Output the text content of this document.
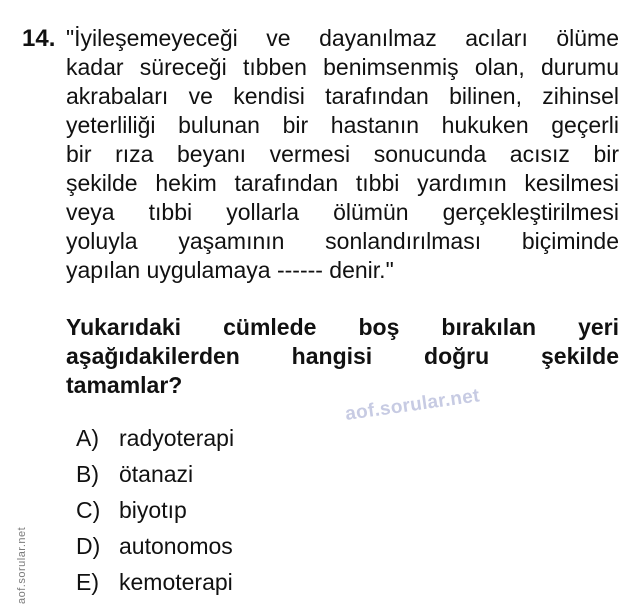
14. "İyileşemeyeceği ve dayanılmaz acıları ölüme
kadar süreceği tıbben benimsenmiş olan, durumu
akrabaları ve kendisi tarafından bilinen, zihinsel
yeterliliği bulunan bir hastanın hukuken geçerli
bir rıza beyanı vermesi sonucunda acısız bir
şekilde hekim tarafından tıbbi yardımın kesilmesi
veya tıbbi yollarla ölümün gerçekleştirilmesi
yoluyla yaşamının sonlandırılması biçiminde
yapılan uygulamaya ------ denir."
Yukarıdaki cümlede boş bırakılan yeri
aşağıdakilerden hangisi doğru şekilde
tamamlar?
aof.sorular.net
A) radyoterapi
B) ötanazi
C) biyotıp
D) autonomos
E) kemoterapi
aof.sorular.net
